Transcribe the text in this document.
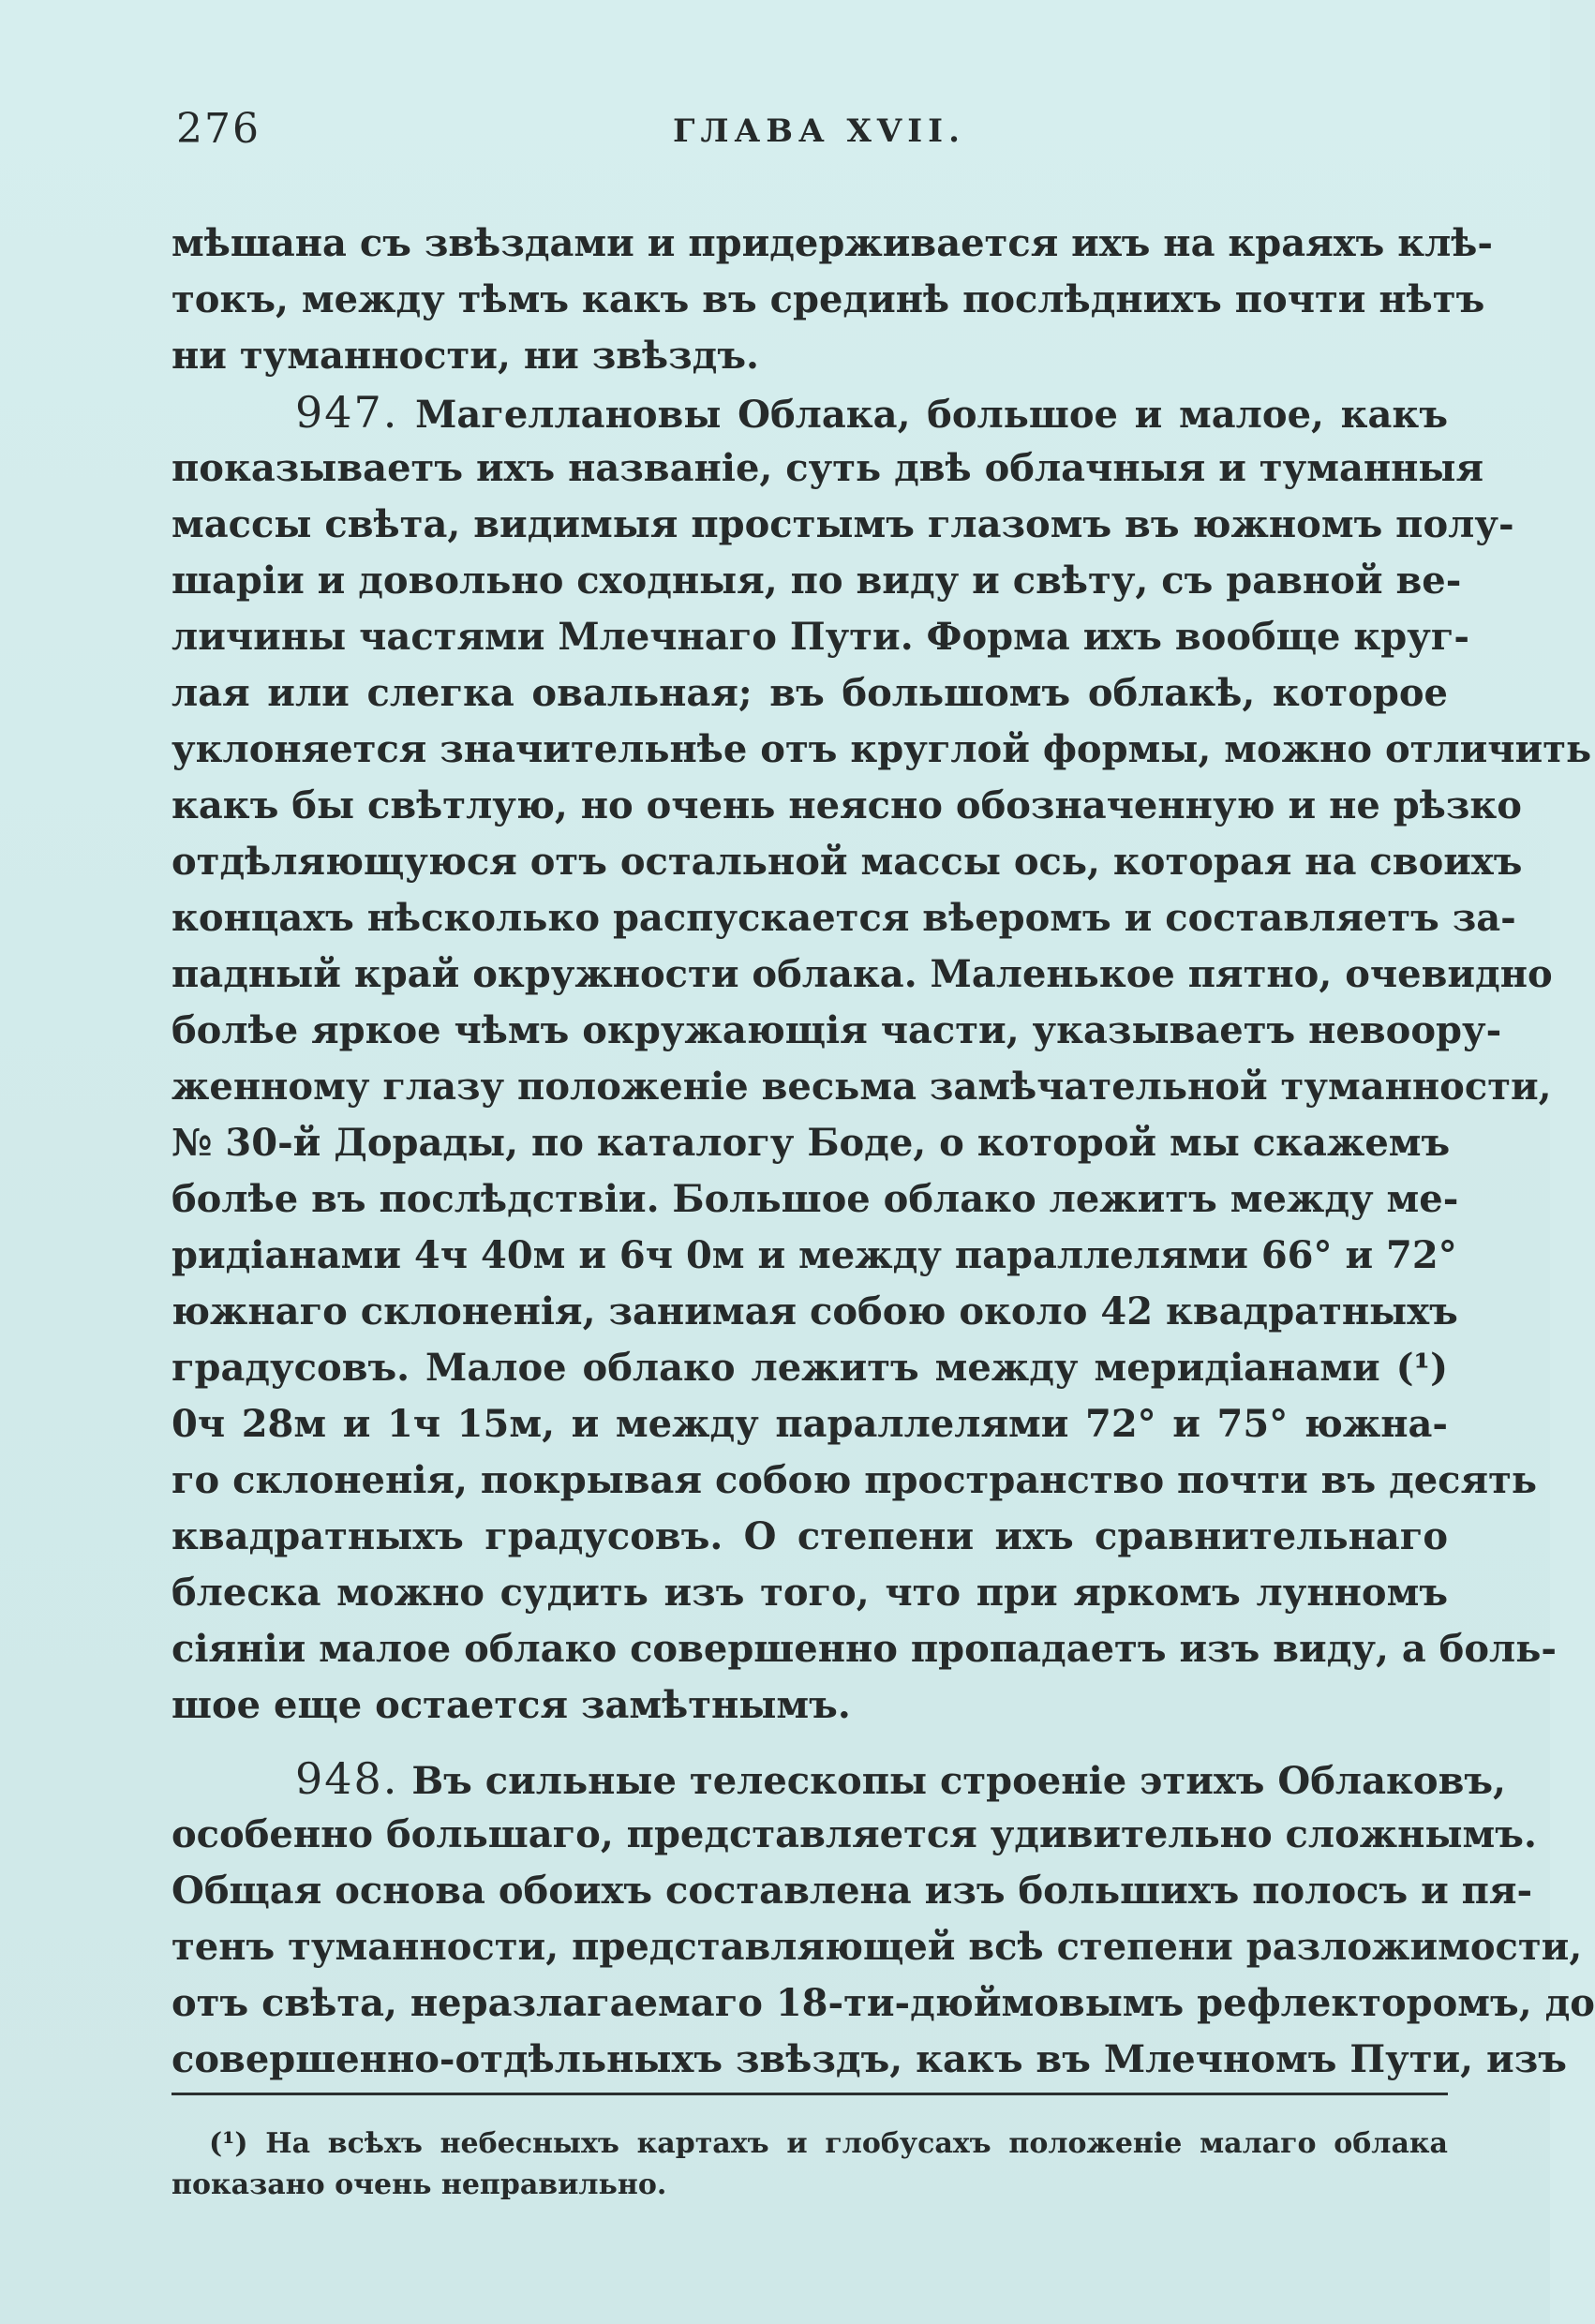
276	ГЛАВА XVII.
мѣшана съ звѣздами и придерживается ихъ на краяхъ клѣ-
токъ, между тѣмъ какъ въ срединѣ послѣднихъ почти нѣтъ
ни туманности, ни звѣздъ.
947. Магеллановы Облака, большое и малое, какъ
показываетъ ихъ названіе, суть двѣ облачныя и туманныя
массы свѣта, видимыя простымъ глазомъ въ южномъ полу-
шаріи и довольно сходныя, по виду и свѣту, съ равной ве-
личины частями Млечнаго Пути. Форма ихъ вообще круг-
лая или слегка овальная; въ большомъ облакѣ, которое
уклоняется значительнѣе отъ круглой формы, можно отличить
какъ бы свѣтлую, но очень неясно обозначенную и не рѣзко
отдѣляющуюся отъ остальной массы ось, которая на своихъ
концахъ нѣсколько распускается вѣеромъ и составляетъ за-
падный край окружности облака. Маленькое пятно, очевидно
болѣе яркое чѣмъ окружающія части, указываетъ невоору-
женному глазу положеніе весьма замѣчательной туманности,
№ 30-й Дорады, по каталогу Боде, о которой мы скажемъ
болѣе въ послѣдствіи. Большое облако лежитъ между ме-
ридіанами 4ч 40м и 6ч 0м и между параллелями 66° и 72°
южнаго склоненія, занимая собою около 42 квадратныхъ
градусовъ. Малое облако лежитъ между меридіанами (¹)
0ч 28м и 1ч 15м, и между параллелями 72° и 75° южна-
го склоненія, покрывая собою пространство почти въ десять
квадратныхъ градусовъ. О степени ихъ сравнительнаго
блеска можно судить изъ того, что при яркомъ лунномъ
сіяніи малое облако совершенно пропадаетъ изъ виду, а боль-
шое еще остается замѣтнымъ.
948. Въ сильные телескопы строеніе этихъ Облаковъ,
особенно большаго, представляется удивительно сложнымъ.
Общая основа обоихъ составлена изъ большихъ полосъ и пя-
тенъ туманности, представляющей всѣ степени разложимости,
отъ свѣта, неразлагаемаго 18-ти-дюймовымъ рефлекторомъ, до
совершенно-отдѣльныхъ звѣздъ, какъ въ Млечномъ Пути, изъ
(¹) На всѣхъ небесныхъ картахъ и глобусахъ положеніе малаго облака
показано очень неправильно.
